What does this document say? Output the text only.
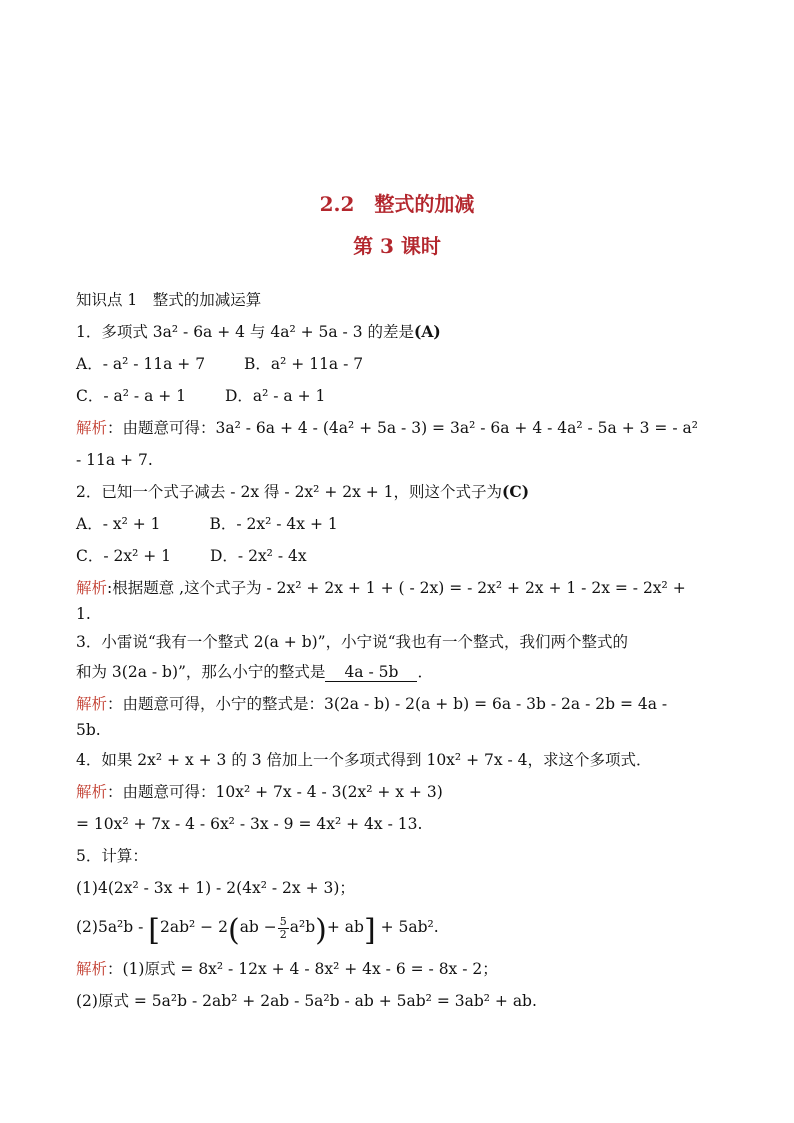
2.2　整式的加减
第 3 课时
知识点 1　整式的加减运算
1．多项式 3a² - 6a + 4 与 4a² + 5a - 3 的差是(A)
A．- a² - 11a + 7	B．a² + 11a - 7
C．- a² - a + 1	D．a² - a + 1
解析：由题意可得：3a² - 6a + 4 - (4a² + 5a - 3) = 3a² - 6a + 4 - 4a² - 5a + 3 = - a²
- 11a + 7.
2．已知一个式子减去 - 2x 得 - 2x² + 2x + 1，则这个式子为(C)
A．- x² + 1	B．- 2x² - 4x + 1
C．- 2x² + 1	D．- 2x² - 4x
解析:根据题意 ,这个式子为 - 2x² + 2x + 1 + ( - 2x) = - 2x² + 2x + 1 - 2x = - 2x² +
1.
3．小雷说“我有一个整式 2(a + b)”，小宁说“我也有一个整式，我们两个整式的
和为 3(2a - b)”，那么小宁的整式是 4a - 5b ．
解析：由题意可得，小宁的整式是：3(2a - b) - 2(a + b) = 6a - 3b - 2a - 2b = 4a -
5b.
4．如果 2x² + x + 3 的 3 倍加上一个多项式得到 10x² + 7x - 4，求这个多项式．
解析：由题意可得：10x² + 7x - 4 - 3(2x² + x + 3)
= 10x² + 7x - 4 - 6x² - 3x - 9 = 4x² + 4x - 13.
5．计算：
(1)4(2x² - 3x + 1) - 2(4x² - 2x + 3)；
$(2)5a^2b - [2ab^2 - 2(ab - \frac{5}{2} a^2b)+ ab] + 5ab^2$.
解析：(1)原式 = 8x² - 12x + 4 - 8x² + 4x - 6 = - 8x - 2；
(2)原式 = 5a²b - 2ab² + 2ab - 5a²b - ab + 5ab² = 3ab² + ab.
